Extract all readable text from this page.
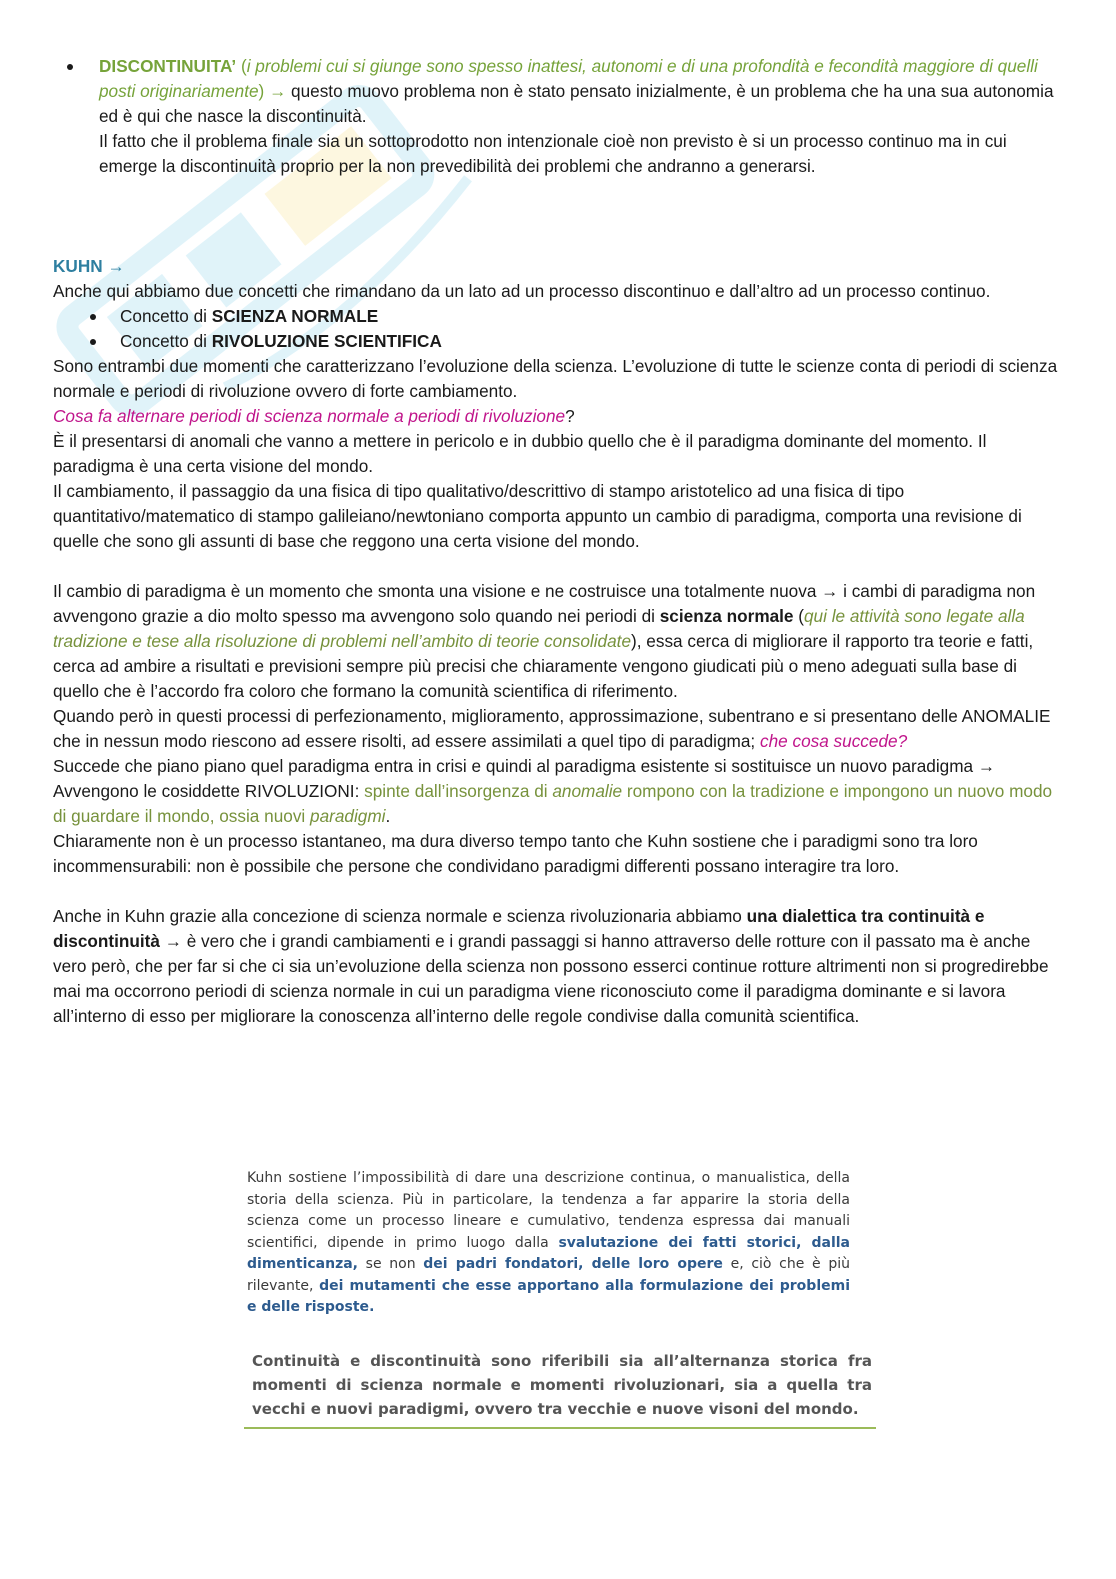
DISCONTINUITA’ (i problemi cui si giunge sono spesso inattesi, autonomi e di una profondità e fecondità maggiore di quelli posti originariamente) → questo muovo problema non è stato pensato inizialmente, è un problema che ha una sua autonomia ed è qui che nasce la discontinuità.

Il fatto che il problema finale sia un sottoprodotto non intenzionale cioè non previsto è si un processo continuo ma in cui emerge la discontinuità proprio per la non prevedibilità dei problemi che andranno a generarsi.

KUHN →

Anche qui abbiamo due concetti che rimandano da un lato ad un processo discontinuo e dall’altro ad un processo continuo.

Concetto di SCIENZA NORMALE
Concetto di RIVOLUZIONE SCIENTIFICA

Sono entrambi due momenti che caratterizzano l’evoluzione della scienza. L’evoluzione di tutte le scienze conta di periodi di scienza normale e periodi di rivoluzione ovvero di forte cambiamento.

Cosa fa alternare periodi di scienza normale a periodi di rivoluzione?

È il presentarsi di anomali che vanno a mettere in pericolo e in dubbio quello che è il paradigma dominante del momento. Il paradigma è una certa visione del mondo.

Il cambiamento, il passaggio da una fisica di tipo qualitativo/descrittivo di stampo aristotelico ad una fisica di tipo quantitativo/matematico di stampo galileiano/newtoniano comporta appunto un cambio di paradigma, comporta una revisione di quelle che sono gli assunti di base che reggono una certa visione del mondo.

Il cambio di paradigma è un momento che smonta una visione e ne costruisce una totalmente nuova → i cambi di paradigma non avvengono grazie a dio molto spesso ma avvengono solo quando nei periodi di scienza normale (qui le attività sono legate alla tradizione e tese alla risoluzione di problemi nell’ambito di teorie consolidate), essa cerca di migliorare il rapporto tra teorie e fatti, cerca ad ambire a risultati e previsioni sempre più precisi che chiaramente vengono giudicati più o meno adeguati sulla base di quello che è l’accordo fra coloro che formano la comunità scientifica di riferimento.

Quando però in questi processi di perfezionamento, miglioramento, approssimazione, subentrano e si presentano delle ANOMALIE che in nessun modo riescono ad essere risolti, ad essere assimilati a quel tipo di paradigma; che cosa succede?

Succede che piano piano quel paradigma entra in crisi e quindi al paradigma esistente si sostituisce un nuovo paradigma → Avvengono le cosiddette RIVOLUZIONI: spinte dall’insorgenza di anomalie rompono con la tradizione e impongono un nuovo modo di guardare il mondo, ossia nuovi paradigmi.

Chiaramente non è un processo istantaneo, ma dura diverso tempo tanto che Kuhn sostiene che i paradigmi sono tra loro incommensurabili: non è possibile che persone che condividano paradigmi differenti possano interagire tra loro.

Anche in Kuhn grazie alla concezione di scienza normale e scienza rivoluzionaria abbiamo una dialettica tra continuità e discontinuità → è vero che i grandi cambiamenti e i grandi passaggi si hanno attraverso delle rotture con il passato ma è anche vero però, che per far si che ci sia un’evoluzione della scienza non possono esserci continue rotture altrimenti non si progredirebbe mai ma occorrono periodi di scienza normale in cui un paradigma viene riconosciuto come il paradigma dominante e si lavora all’interno di esso per migliorare la conoscenza all’interno delle regole condivise dalla comunità scientifica.

Kuhn sostiene l’impossibilità di dare una descrizione continua, o manualistica, della storia della scienza. Più in particolare, la tendenza a far apparire la storia della scienza come un processo lineare e cumulativo, tendenza espressa dai manuali scientifici, dipende in primo luogo dalla svalutazione dei fatti storici, dalla dimenticanza, se non dei padri fondatori, delle loro opere e, ciò che è più rilevante, dei mutamenti che esse apportano alla formulazione dei problemi e delle risposte.
Continuità e discontinuità sono riferibili sia all’alternanza storica fra momenti di scienza normale e momenti rivoluzionari, sia a quella tra vecchi e nuovi paradigmi, ovvero tra vecchie e nuove visoni del mondo.
